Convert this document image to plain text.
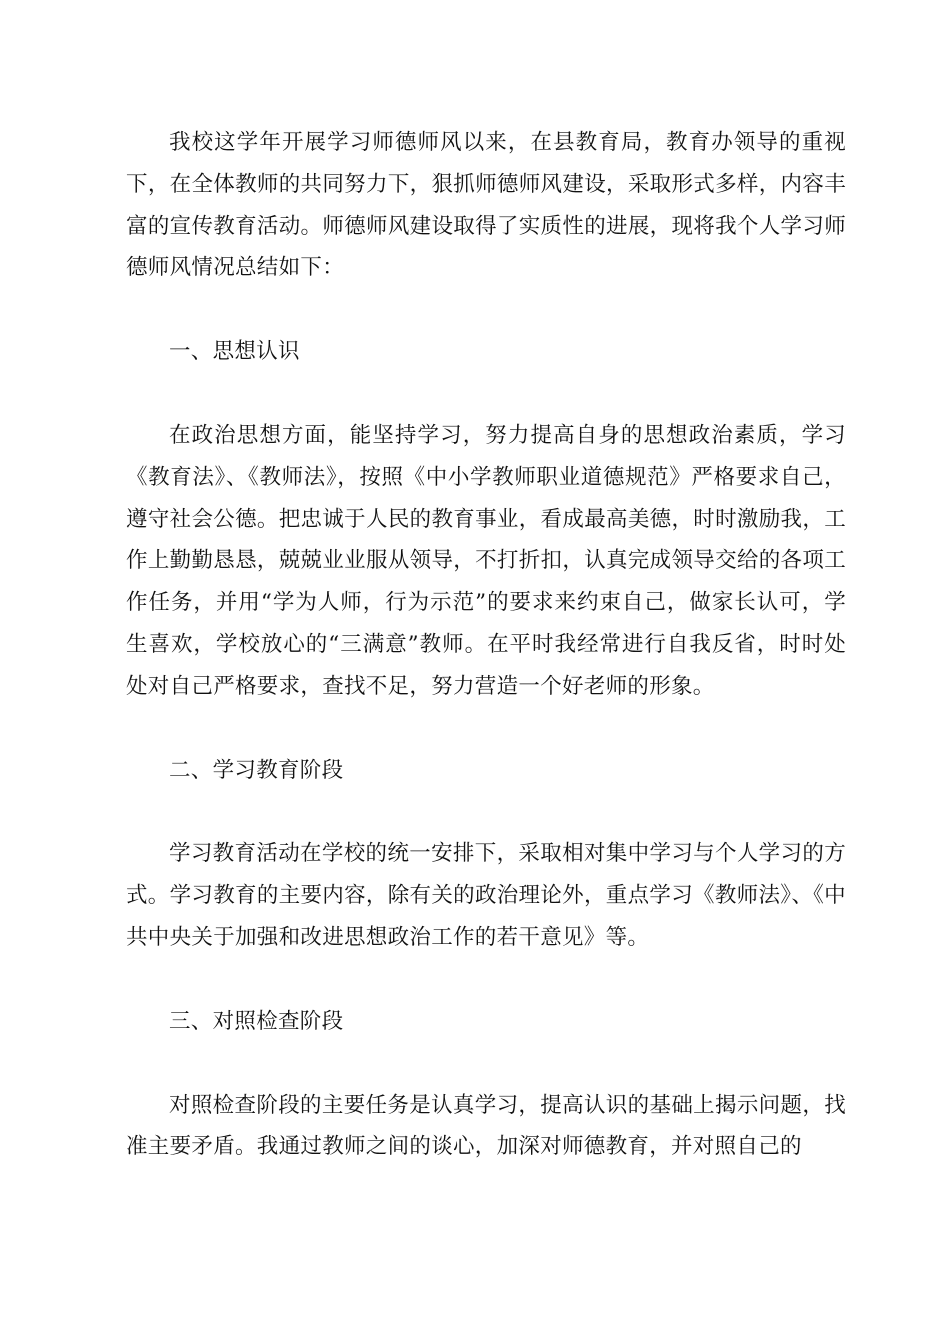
我校这学年开展学习师德师风以来，在县教育局，教育办领导的重视下，在全体教师的共同努力下，狠抓师德师风建设，采取形式多样，内容丰富的宣传教育活动。师德师风建设取得了实质性的进展，现将我个人学习师德师风情况总结如下：

一、思想认识

在政治思想方面，能坚持学习，努力提高自身的思想政治素质，学习《教育法》、《教师法》，按照《中小学教师职业道德规范》严格要求自己，遵守社会公德。把忠诚于人民的教育事业，看成最高美德，时时激励我，工作上勤勤恳恳，兢兢业业服从领导，不打折扣，认真完成领导交给的各项工作任务，并用“学为人师，行为示范”的要求来约束自己，做家长认可，学生喜欢，学校放心的“三满意”教师。在平时我经常进行自我反省，时时处处对自己严格要求，查找不足，努力营造一个好老师的形象。

二、学习教育阶段

学习教育活动在学校的统一安排下，采取相对集中学习与个人学习的方式。学习教育的主要内容，除有关的政治理论外，重点学习《教师法》、《中共中央关于加强和改进思想政治工作的若干意见》等。

三、对照检查阶段

对照检查阶段的主要任务是认真学习，提高认识的基础上揭示问题，找准主要矛盾。我通过教师之间的谈心，加深对师德教育，并对照自己的
